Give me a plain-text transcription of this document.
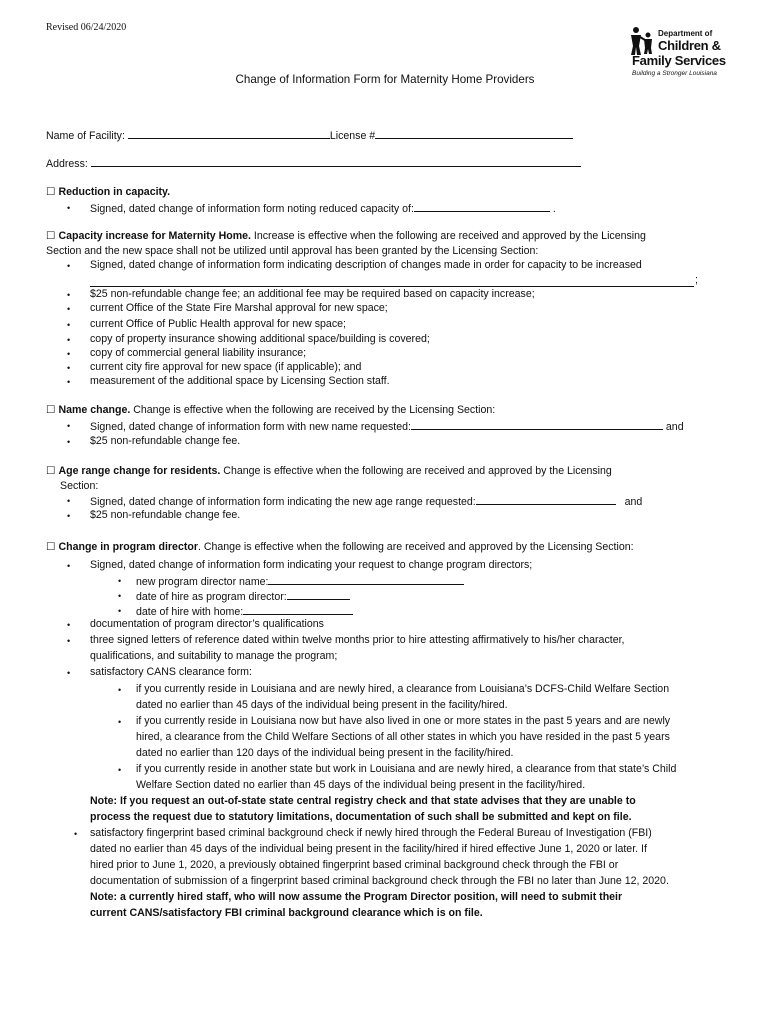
Revised 06/24/2020
Department of
Children &
Family Services
Building a Stronger Louisiana
Change of Information Form for Maternity Home Providers
Name of Facility:	License #
Address:
☐ Reduction in capacity.
• Signed, dated change of information form noting reduced capacity of:	.
☐ Capacity increase for Maternity Home. Increase is effective when the following are received and approved by the Licensing
Section and the new space shall not be utilized until approval has been granted by the Licensing Section:
• Signed, dated change of information form indicating description of changes made in order for capacity to be increased
;
• $25 non-refundable change fee; an additional fee may be required based on capacity increase;
• current Office of the State Fire Marshal approval for new space;
• current Office of Public Health approval for new space;
• copy of property insurance showing additional space/building is covered;
• copy of commercial general liability insurance;
• current city fire approval for new space (if applicable); and
• measurement of the additional space by Licensing Section staff.
☐ Name change. Change is effective when the following are received by the Licensing Section:
• Signed, dated change of information form with new name requested:	and
• $25 non-refundable change fee.
☐ Age range change for residents. Change is effective when the following are received and approved by the Licensing
Section:
• Signed, dated change of information form indicating the new age range requested:	and
• $25 non-refundable change fee.
☐ Change in program director. Change is effective when the following are received and approved by the Licensing Section:
• Signed, dated change of information form indicating your request to change program directors;
• new program director name:
• date of hire as program director:
• date of hire with home:
• documentation of program director’s qualifications
• three signed letters of reference dated within twelve months prior to hire attesting affirmatively to his/her character,
qualifications, and suitability to manage the program;
• satisfactory CANS clearance form:
• if you currently reside in Louisiana and are newly hired, a clearance from Louisiana’s DCFS-Child Welfare Section
dated no earlier than 45 days of the individual being present in the facility/hired.
• if you currently reside in Louisiana now but have also lived in one or more states in the past 5 years and are newly
hired, a clearance from the Child Welfare Sections of all other states in which you have resided in the past 5 years
dated no earlier than 120 days of the individual being present in the facility/hired.
• if you currently reside in another state but work in Louisiana and are newly hired, a clearance from that state’s Child
Welfare Section dated no earlier than 45 days of the individual being present in the facility/hired.
Note: If you request an out-of-state state central registry check and that state advises that they are unable to
process the request due to statutory limitations, documentation of such shall be submitted and kept on file.
• satisfactory fingerprint based criminal background check if newly hired through the Federal Bureau of Investigation (FBI)
dated no earlier than 45 days of the individual being present in the facility/hired if hired effective June 1, 2020 or later. If
hired prior to June 1, 2020, a previously obtained fingerprint based criminal background check through the FBI or
documentation of submission of a fingerprint based criminal background check through the FBI no later than June 12, 2020.
Note: a currently hired staff, who will now assume the Program Director position, will need to submit their
current CANS/satisfactory FBI criminal background clearance which is on file.
